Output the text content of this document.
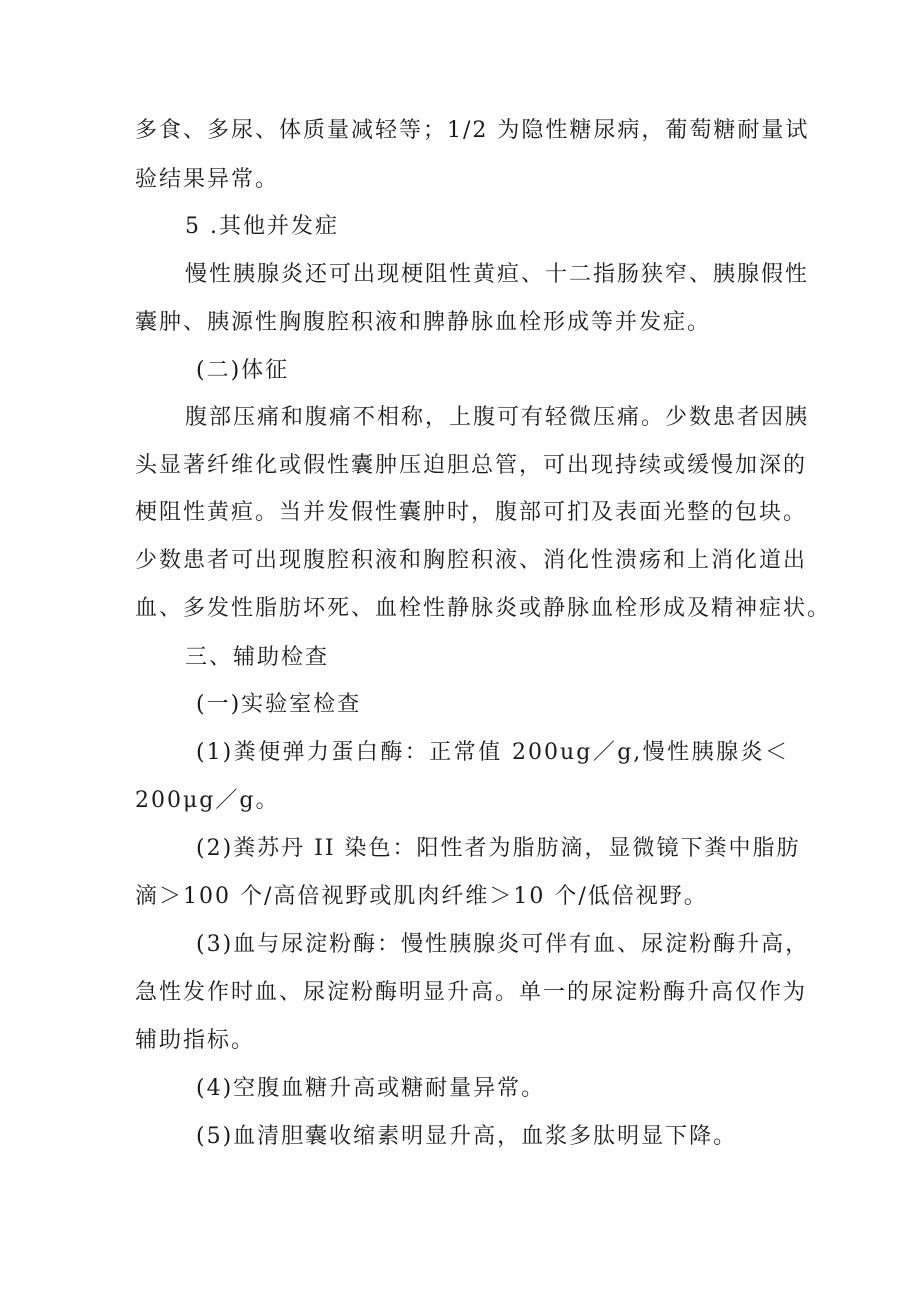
多食、多尿、体质量减轻等；1/2 为隐性糖尿病，葡萄糖耐量试
验结果异常。
5 .其他并发症
慢性胰腺炎还可出现梗阻性黄疸、十二指肠狭窄、胰腺假性
囊肿、胰源性胸腹腔积液和脾静脉血栓形成等并发症。
(二)体征
腹部压痛和腹痛不相称，上腹可有轻微压痛。少数患者因胰
头显著纤维化或假性囊肿压迫胆总管，可出现持续或缓慢加深的
梗阻性黄疸。当并发假性囊肿时，腹部可扪及表面光整的包块。
少数患者可出现腹腔积液和胸腔积液、消化性溃疡和上消化道出
血、多发性脂肪坏死、血栓性静脉炎或静脉血栓形成及精神症状。
三、辅助检查
(一)实验室检查
(1)粪便弹力蛋白酶：正常值 200ug／g,慢性胰腺炎＜
200μg／g。
(2)粪苏丹 II 染色：阳性者为脂肪滴，显微镜下粪中脂肪
滴＞100 个/高倍视野或肌肉纤维＞10 个/低倍视野。
(3)血与尿淀粉酶：慢性胰腺炎可伴有血、尿淀粉酶升高，
急性发作时血、尿淀粉酶明显升高。单一的尿淀粉酶升高仅作为
辅助指标。
(4)空腹血糖升高或糖耐量异常。
(5)血清胆囊收缩素明显升高，血浆多肽明显下降。
